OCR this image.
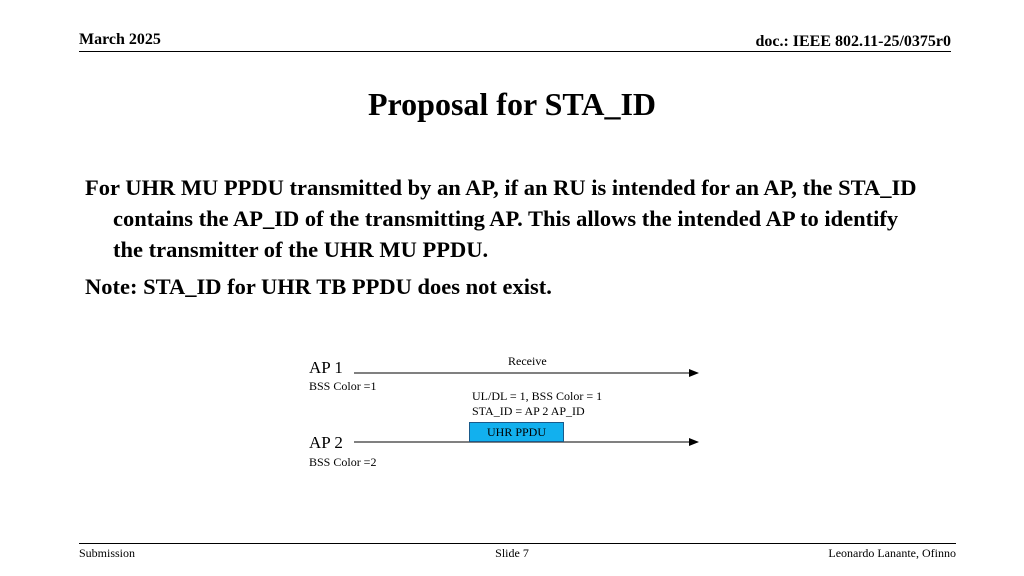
March 2025	doc.: IEEE 802.11-25/0375r0
Proposal for STA_ID

For UHR MU PPDU transmitted by an AP, if an RU is intended for an AP, the STA_ID contains the AP_ID of the transmitting AP. This allows the intended AP to identify the transmitter of the UHR MU PPDU.

Note: STA_ID for UHR TB PPDU does not exist.

AP 1
BSS Color =1
Receive
UL/DL = 1, BSS Color = 1
STA_ID = AP 2 AP_ID
UHR PPDU
AP 2
BSS Color =2
Submission	Slide 7	Leonardo Lanante, Ofinno
